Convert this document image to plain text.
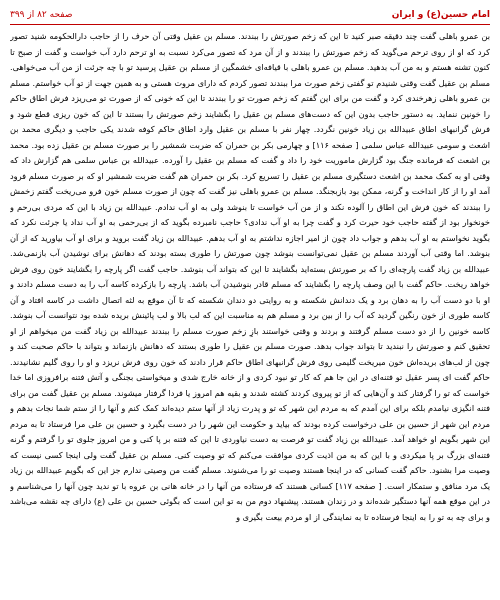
امام حسین(ع) و ایران
صفحه ۸۲ از ۳۹۹

بن عمرو باهلی گفت چند دقیقه صبر کنید تا این که زخم صورتش را ببندند. مسلم بن عقیل وقتی آن حرف را از حاجب دارالحکومه شنید تصور کرد که او از روی ترحم می‌گوید که زخم صورتش را ببندند و از آن مرد که تصور می‌کرد نسبت به او ترحم دارد آب خواست و گفت از صبح تا کنون تشنه هستم و به من آب بدهید. مسلم بن عمرو باهلی با قیافه‌ای خشمگین از مسلم بن عقیل پرسید تو با چه جرئت از من آب می‌خواهی. مسلم بن عقیل گفت وقتی شنیدم تو گفتی زخم صورت مرا ببندند تصور کردم که دارای مروت هستی و به همین جهت از تو آب خواستم. مسلم بن عمرو باهلی زهرخندی کرد و گفت من برای این گفتم که زخم صورت تو را ببندند تا این که خونی که از صورت تو می‌ریزد فرش اطاق حاکم را خونین ننماید. به دستور حاجب بدون این که دست‌های مسلم بن عقیل را بگشایند زخم صورتش را بستند تا این که خون ریزی قطع شود و فرش گرانبهای اطاق عبیدالله بن زیاد خونین نگردد. چهار نفر با مسلم بن عقیل وارد اطاق حاکم کوفه شدند یکی حاجب و دیگری محمد بن اشعث و سومی عبیدالله عباس سلمی [ صفحه ۱۱۶] و چهارمی بکر بن حمران که ضربت شمشیر را بر صورت مسلم بن عقیل زده بود. محمد بن اشعث که فرمانده جنگ بود گزارش ماموریت خود را داد و گفت که مسلم بن عقیل را آورده. عبیدالله بن عباس سلمی هم گزارش داد که وقتی او به کمک محمد بن اشعث دستگیری مسلم بن عقیل را تسریع کرد. بکر بن حمران هم گفت ضربت شمشیر او که بر صورت مسلم فرود آمد او را از کار انداخت و گرنه، ممکن بود بازبجنگد. مسلم بن عمرو باهلی نیز گفت که چون از صورت مسلم خون فرو می‌ریخت گفتم زخمش را ببندند که خون فرش این اطاق را آلوده نکند و از من آب خواست تا بنوشد ولی به او آب ندادم. عبیدالله بن زیاد با این که مردی بی‌رحم و خونخوار بود از گفته حاجب خود حیرت کرد و گفت چرا به او آب ندادی؟ حاجب نامبرده بگوید که از بی‌رحمی به او آب نداد یا جرئت نکرد که بگوید نخواستم به او آب بدهم و جواب داد چون از امیر اجازه نداشتم به او آب بدهم. عبیدالله بن زیاد گفت بروید و برای او آب بیاورید که از آن بنوشد. اما وقتی آب آوردند مسلم بن عقیل نمی‌توانست بنوشد چون صورتش را طوری بسته بودند که دهانش برای نوشیدن آب بازنمی‌شد. عبیدالله بن زیاد گفت پارچه‌ای را که بر صورتش بسته‌اید بگشایند تا این که بتواند آب بنوشد. حاجب گفت اگر پارچه را بگشایند خون روی فرش خواهد ریخت. حاکم گفت با این وصف پارچه را بگشایند که مسلم قادر بنوشیدن آب باشد. پارچه را بازکرده کاسه آب را به دست مسلم دادند و او با دو دست آب را به دهان برد و یک دندانش شکسته و به روایتی دو دندان شکسته که تا آن موقع به لثه اتصال داشت در کاسه افتاد و آن کاسه طوری از خون رنگین گردید که آب را از بین برد و مسلم هم به مناسبت این که لب بالا و لب پائینش بریده شده بود نتوانست آب بنوشد. کاسه خونین را از دو دست مسلم گرفتند و بردند و وقتی خواستند بازِ زخم صورت مسلم را ببندند عبیدالله بن زیاد گفت من میخواهم از او تحقیق کنم و صورتش را نبندید تا بتواند جواب بدهد. صورت مسلم بن عقیل را طوری بستند که دهانش بازنماند و بتواند با حاکم صحبت کند و چون از لب‌های بریده‌اش خون میریخت گلیمی روی فرش گرانبهای اطاق حاکم قرار دادند که خون روی فرش نریزد و او را روی گلیم نشانیدند. حاکم گفت ای پسر عقیل تو فتنه‌ای در این جا هم که کار تو نبود کردی و از خانه خارج شدی و میخواستی بجنگی و آتش فتنه برافروزی اما خدا خواست که تو را گرفتار کند و آن‌هایی که از تو پیروی کردند کشته شدند و بقیه هم امروز یا فردا گرفتار میشوند. مسلم بن عقیل گفت من برای فتنه انگیزی نیامدم بلکه برای این آمدم که به مردم این شهر که تو و پدرت زیاد از آنها ستم دیده‌اند کمک کنم و آنها را از ستم شما نجات بدهم و مردم این شهر از حسین بن علی درخواست کرده بودند که بیاید و حکومت این شهر را در دست بگیرد و حسین بن علی مرا فرستاد تا به مردم این شهر بگویم او خواهد آمد. عبیدالله بن زیاد گفت تو فرصت به دست نیاوردی تا این که فتنه بر پا کنی و من امروز جلوی تو را گرفتم و گرنه فتنه‌ای بزرگ بر پا میکردی و با این که به من اذیت کردی موافقت می‌کنم که تو وصیت کنی. مسلم بن عقیل گفت ولی اینجا کسی نیست که وصیت مرا بشنود. حاکم گفت کسانی که در اینجا هستند وصیت تو را می‌شنوند. مسلم گفت من وصیتی ندارم جز این که بگویم عبیدالله بن زیاد یک مرد منافق و ستمکار است. [ صفحه ۱۱۷] کسانی هستند که فرستاده من آنها را در خانه هانی بن عروه با تو ندید چون آنها را می‌شناسم و در این موقع همه آنها دستگیر شده‌اند و در زندان هستند. پیشنهاد دوم من به تو این است که بگوئی حسین بن علی (ع) دارای چه نقشه می‌باشد و برای چه به تو را به اینجا فرستاده تا به نمایندگی از او مردم بیعت بگیری و
